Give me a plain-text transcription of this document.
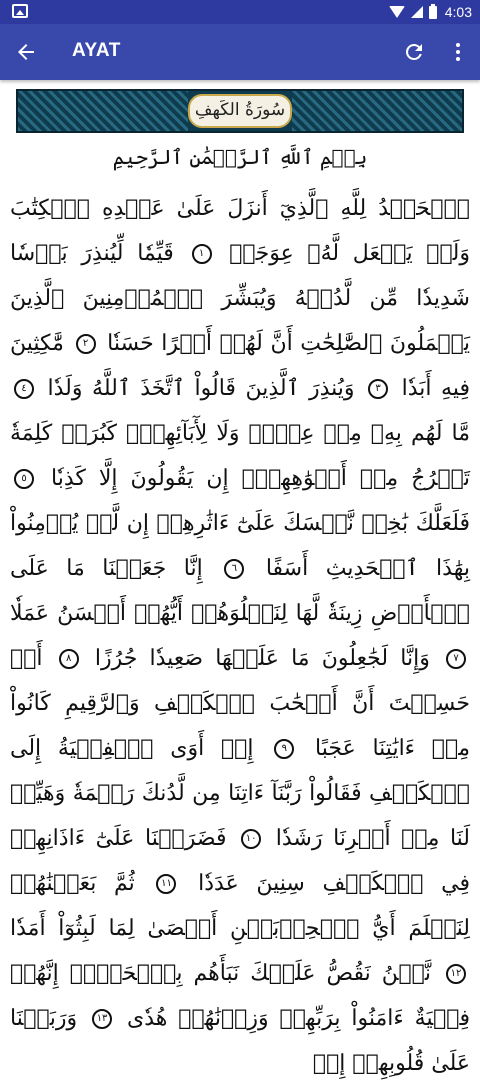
4:03
AYAT
سُورَةُ الكَهفِ
بِسۡمِ ٱللَّهِ ٱلرَّحۡمَٰنِ ٱلرَّحِيمِ
ٱلۡحَمۡدُ لِلَّهِ ٱلَّذِيٓ أَنزَلَ عَلَىٰ عَبۡدِهِ ٱلۡكِتَٰبَ وَلَمۡ يَجۡعَل لَّهُۥ عِوَجَاۜ ١ قَيِّمٗا لِّيُنذِرَ بَأۡسٗا شَدِيدٗا مِّن لَّدُنۡهُ وَيُبَشِّرَ ٱلۡمُؤۡمِنِينَ ٱلَّذِينَ يَعۡمَلُونَ ٱلصَّٰلِحَٰتِ أَنَّ لَهُمۡ أَجۡرًا حَسَنٗا ٢ مَّٰكِثِينَ فِيهِ أَبَدٗا ٣ وَيُنذِرَ ٱلَّذِينَ قَالُواْ ٱتَّخَذَ ٱللَّهُ وَلَدٗا ٤ مَّا لَهُم بِهِۦ مِنۡ عِلۡمٖ وَلَا لِأٓبَآئِهِمۡۚ كَبُرَتۡ كَلِمَةٗ تَخۡرُجُ مِنۡ أَفۡوَٰهِهِمۡۚ إِن يَقُولُونَ إِلَّا كَذِبٗا ٥ فَلَعَلَّكَ بَٰخِعٞ نَّفۡسَكَ عَلَىٰٓ ءَاثَٰرِهِمۡ إِن لَّمۡ يُؤۡمِنُواْ بِهَٰذَا ٱلۡحَدِيثِ أَسَفًا ٦ إِنَّا جَعَلۡنَا مَا عَلَى ٱلۡأَرۡضِ زِينَةٗ لَّهَا لِنَبۡلُوَهُمۡ أَيُّهُمۡ أَحۡسَنُ عَمَلٗا ٧ وَإِنَّا لَجَٰعِلُونَ مَا عَلَيۡهَا صَعِيدٗا جُرُزًا ٨ أَمۡ حَسِبۡتَ أَنَّ أَصۡحَٰبَ ٱلۡكَهۡفِ وَٱلرَّقِيمِ كَانُواْ مِنۡ ءَايَٰتِنَا عَجَبًا ٩ إِذۡ أَوَى ٱلۡفِتۡيَةُ إِلَى ٱلۡكَهۡفِ فَقَالُواْ رَبَّنَآ ءَاتِنَا مِن لَّدُنكَ رَحۡمَةٗ وَهَيِّئۡ لَنَا مِنۡ أَمۡرِنَا رَشَدٗا ١٠ فَضَرَبۡنَا عَلَىٰٓ ءَاذَانِهِمۡ فِي ٱلۡكَهۡفِ سِنِينَ عَدَدٗا ١١ ثُمَّ بَعَثۡنَٰهُمۡ لِنَعۡلَمَ أَيُّ ٱلۡحِزۡبَيۡنِ أَحۡصَىٰ لِمَا لَبِثُوٓاْ أَمَدٗا ١٢ نَّحۡنُ نَقُصُّ عَلَيۡكَ نَبَأَهُم بِٱلۡحَقِّۚ إِنَّهُمۡ فِتۡيَةٌ ءَامَنُواْ بِرَبِّهِمۡ وَزِدۡنَٰهُمۡ هُدٗى ١٣ وَرَبَطۡنَا عَلَىٰ قُلُوبِهِمۡ إِذۡ
